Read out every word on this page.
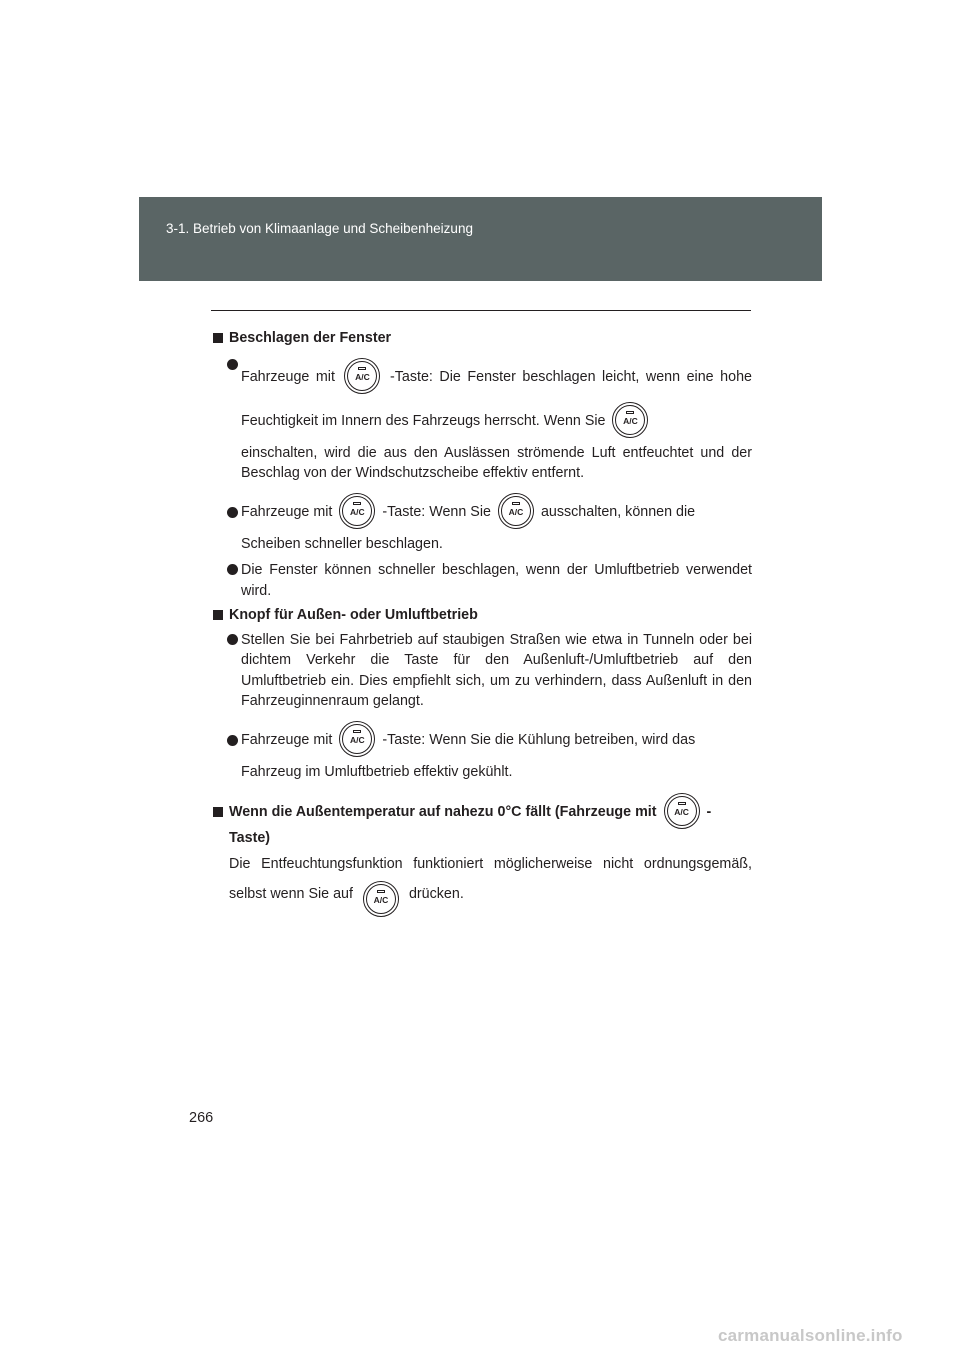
3-1. Betrieb von Klimaanlage und Scheibenheizung
Beschlagen der Fenster
Fahrzeuge mit	A/C	-Taste: Die Fenster beschlagen leicht, wenn eine hohe Feuchtigkeit im Innern des Fahrzeugs herrscht. Wenn Sie	A/C
einschalten, wird die aus den Auslässen strömende Luft entfeuchtet und der Beschlag von der Windschutzscheibe effektiv entfernt.
Fahrzeuge mit	A/C	-Taste: Wenn Sie	A/C	ausschalten, können die
Scheiben schneller beschlagen.
Die Fenster können schneller beschlagen, wenn der Umluftbetrieb verwendet wird.
Knopf für Außen- oder Umluftbetrieb
Stellen Sie bei Fahrbetrieb auf staubigen Straßen wie etwa in Tunneln oder bei dichtem Verkehr die Taste für den Außenluft-/Umluftbetrieb auf den Umluftbetrieb ein. Dies empfiehlt sich, um zu verhindern, dass Außenluft in den Fahrzeuginnenraum gelangt.
Fahrzeuge mit	A/C	-Taste: Wenn Sie die Kühlung betreiben, wird das
Fahrzeug im Umluftbetrieb effektiv gekühlt.
Wenn die Außentemperatur auf nahezu 0°C fällt (Fahrzeuge mit	A/C	-
Taste)
Die Entfeuchtungsfunktion funktioniert möglicherweise nicht ordnungsgemäß, selbst wenn Sie auf	A/C	drücken.
266
carmanualsonline.info
